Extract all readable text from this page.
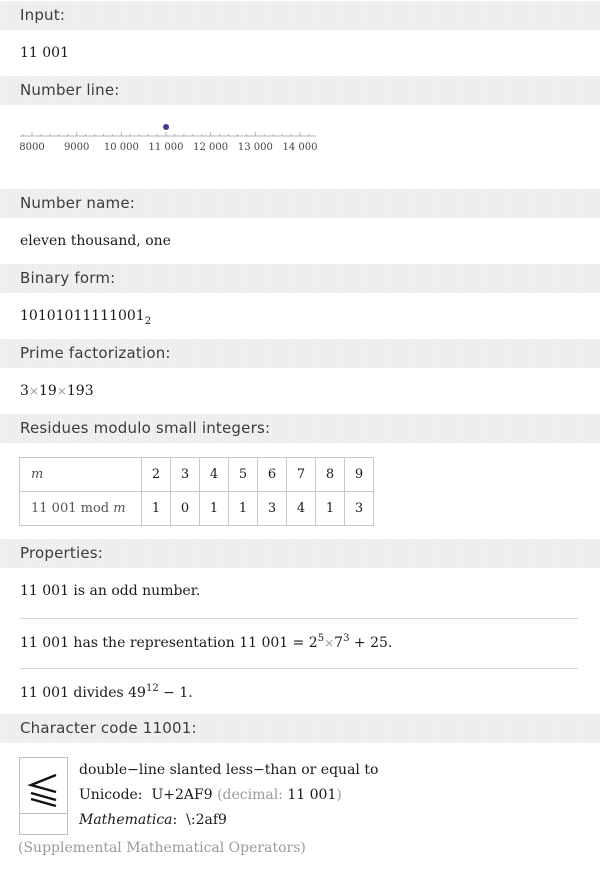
Input:
11 001
Number line:
8000 9000 10 000 11 000 12 000 13 000 14 000
Number name:
eleven thousand, one
Binary form:
$10101011111001_2$
Prime factorization:
3×19×193
Residues modulo small integers:
m	2	3	4	5	6	7	8	9
11 001 mod m	1	0	1	1	3	4	1	3
Properties:
11 001 is an odd number.
11 001 has the representation 11 $001 = 2^5\times 7^3 + 25$.
11 001 divides $49^{12} - 1$.
Character code 11001:
double−line slanted less−than or equal to
Unicode: U+2AF9 (decimal: 11 001)
Mathematica: \:2af9
(Supplemental Mathematical Operators)
